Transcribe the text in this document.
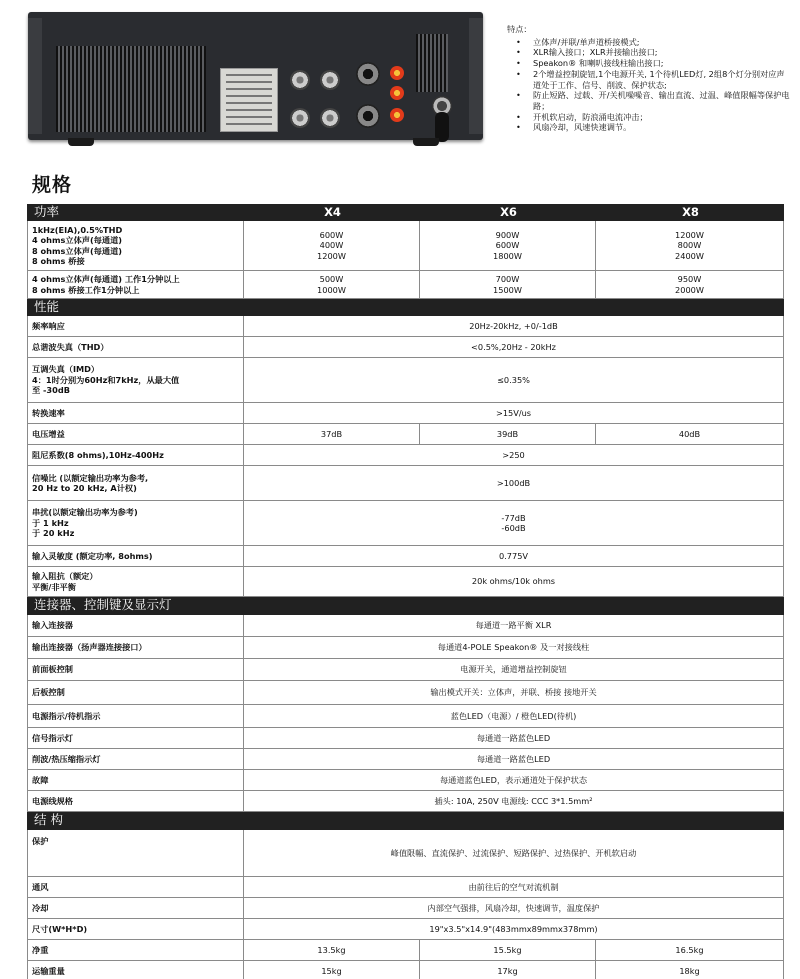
特点：
• 立体声/并联/单声道桥接模式;
• XLR输入接口；XLR并接输出接口;
• Speakon® 和喇叭接线柱输出接口;
• 2个增益控制旋钮,1个电源开关, 1个待机LED灯, 2组8个灯分别对应声道处于工作、信号、削波、保护状态;
• 防止短路、过载、开/关机噪噪音、输出直流、过温、峰值限幅等保护电路；
• 开机软启动，防浪涌电流冲击；
• 风扇冷却，风速快速调节。
规格
功率	X4	X6	X8
1kHz(EIA),0.5%THD
4 ohms立体声(每通道)
8 ohms立体声(每通道)
8 ohms 桥接	600W
400W
1200W	900W
600W
1800W	1200W
800W
2400W
4 ohms立体声(每通道) 工作1分钟以上
8 ohms 桥接工作1分钟以上	500W
1000W	700W
1500W	950W
2000W
性能			
频率响应	20Hz-20kHz, +0/-1dB		
总谐波失真（THD）	<0.5%,20Hz - 20kHz		
互调失真（IMD）
4：1时分别为60Hz和7kHz，从最大值
至 -30dB	≤0.35%		
转换速率	>15V/us		
电压增益	37dB	39dB	40dB
阻尼系数(8 ohms),10Hz-400Hz	>250		
信噪比 (以额定输出功率为参考,
20 Hz to 20 kHz, A计权)	>100dB		
串扰(以额定输出功率为参考)
于 1 kHz
于 20 kHz	-77dB
-60dB		
输入灵敏度 (额定功率, 8ohms)	0.775V		
输入阻抗（额定）
平衡/非平衡	20k ohms/10k ohms		
连接器、控制键及显示灯			
输入连接器	每通道一路平衡 XLR		
输出连接器（扬声器连接接口）	每通道4-POLE Speakon® 及一对接线柱		
前面板控制	电源开关，通道增益控制旋钮		
后板控制	输出模式开关：立体声，并联、桥接 接地开关		
电源指示/待机指示	蓝色LED（电源）/ 橙色LED(待机)		
信号指示灯	每通道一路蓝色LED		
削波/热压缩指示灯	每通道一路蓝色LED		
故障	每通道蓝色LED，表示通道处于保护状态		
电源线规格	插头: 10A, 250V 电源线: CCC 3*1.5mm²		
结 构			
保护	峰值限幅、直流保护、过流保护、短路保护、过热保护、开机软启动		
通风	由前往后的空气对流机制		
冷却	内部空气强排，风扇冷却，快速调节，温度保护		
尺寸(W*H*D)	19"x3.5"x14.9"(483mmx89mmx378mm)		
净重	13.5kg	15.5kg	16.5kg
运输重量	15kg	17kg	18kg
